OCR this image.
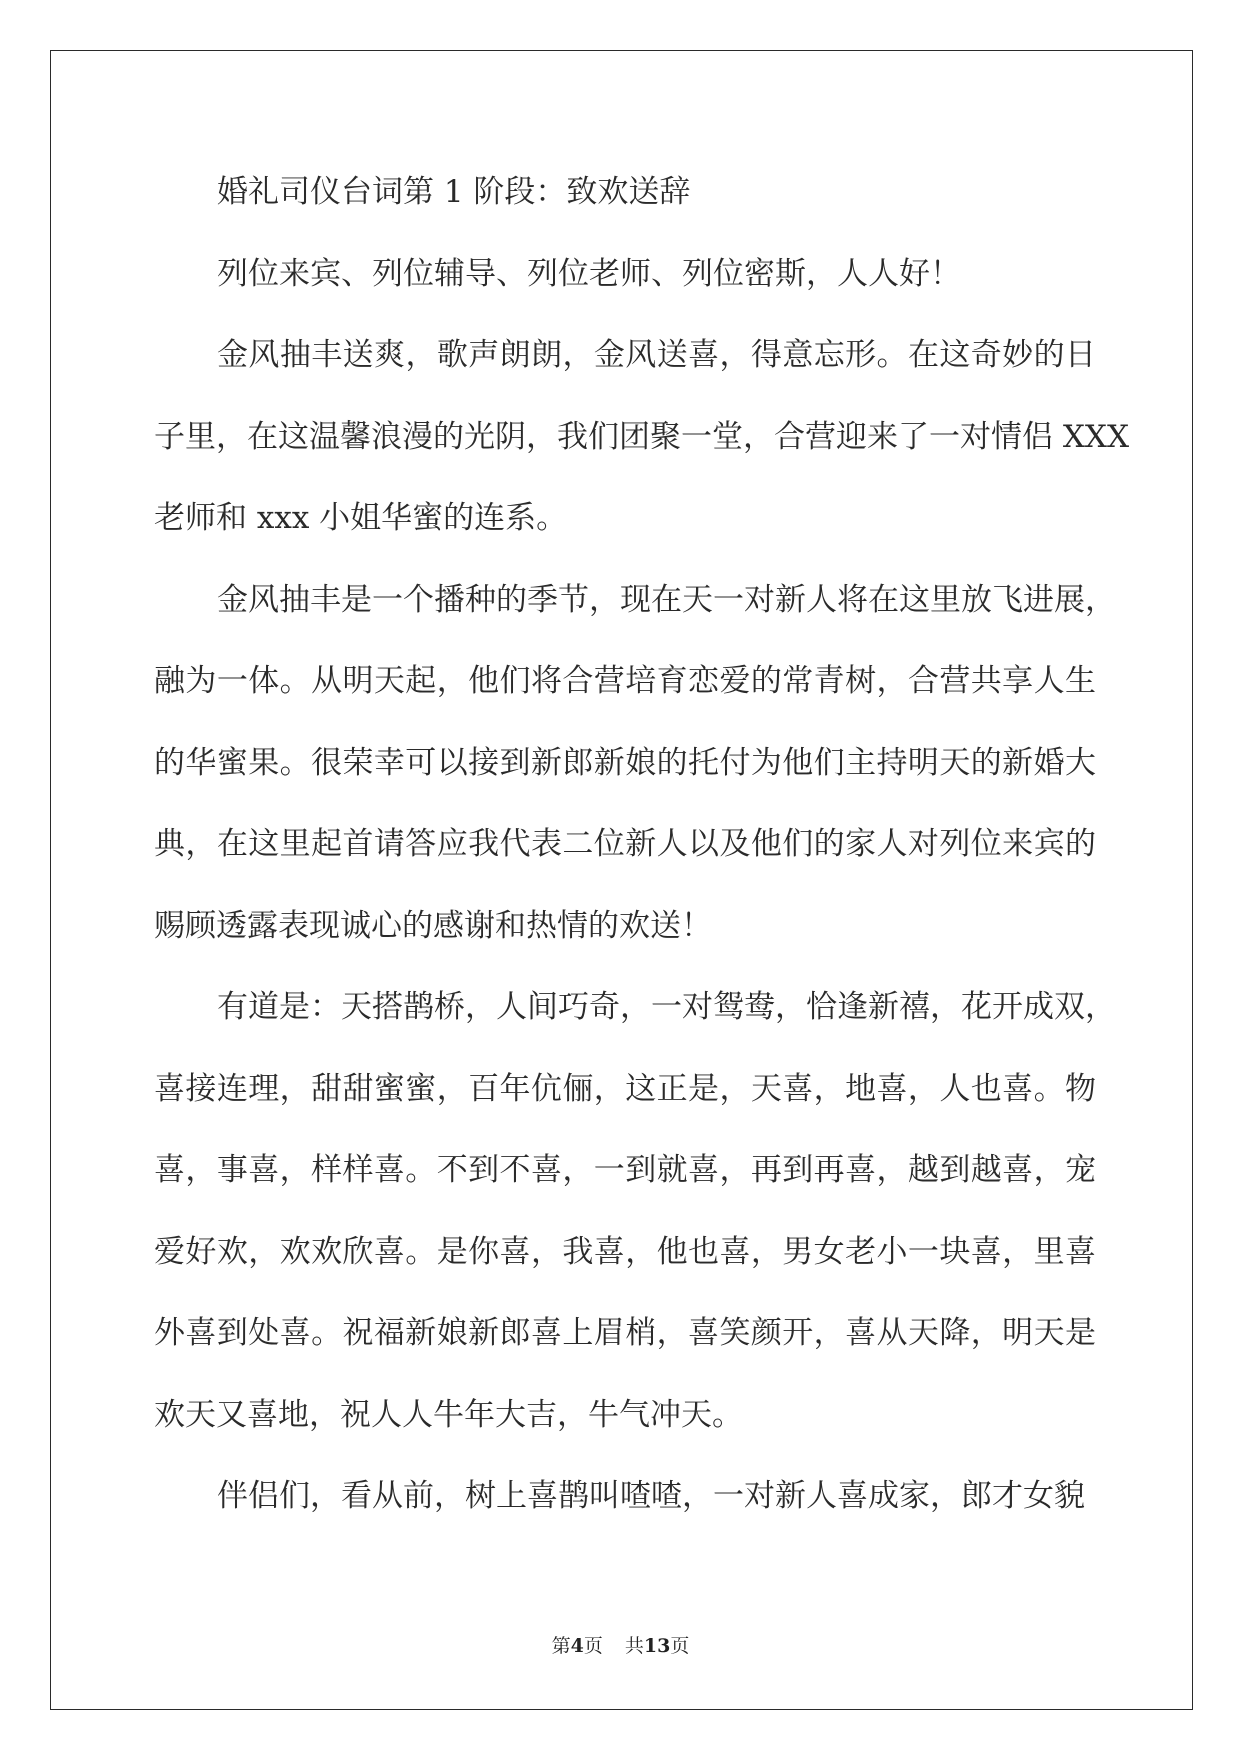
婚礼司仪台词第 1 阶段：致欢送辞
列位来宾、列位辅导、列位老师、列位密斯，人人好！
金风抽丰送爽，歌声朗朗，金风送喜，得意忘形。在这奇妙的日
子里，在这温馨浪漫的光阴，我们团聚一堂，合营迎来了一对情侣 XXX
老师和 xxx 小姐华蜜的连系。
金风抽丰是一个播种的季节，现在天一对新人将在这里放飞进展，
融为一体。从明天起，他们将合营培育恋爱的常青树，合营共享人生
的华蜜果。很荣幸可以接到新郎新娘的托付为他们主持明天的新婚大
典，在这里起首请答应我代表二位新人以及他们的家人对列位来宾的
赐顾透露表现诚心的感谢和热情的欢送！
有道是：天搭鹊桥，人间巧奇，一对鸳鸯，恰逢新禧，花开成双，
喜接连理，甜甜蜜蜜，百年伉俪，这正是，天喜，地喜，人也喜。物
喜，事喜，样样喜。不到不喜，一到就喜，再到再喜，越到越喜，宠
爱好欢，欢欢欣喜。是你喜，我喜，他也喜，男女老小一块喜，里喜
外喜到处喜。祝福新娘新郎喜上眉梢，喜笑颜开，喜从天降，明天是
欢天又喜地，祝人人牛年大吉，牛气冲天。
伴侣们，看从前，树上喜鹊叫喳喳，一对新人喜成家，郎才女貌
第4页 共13页
